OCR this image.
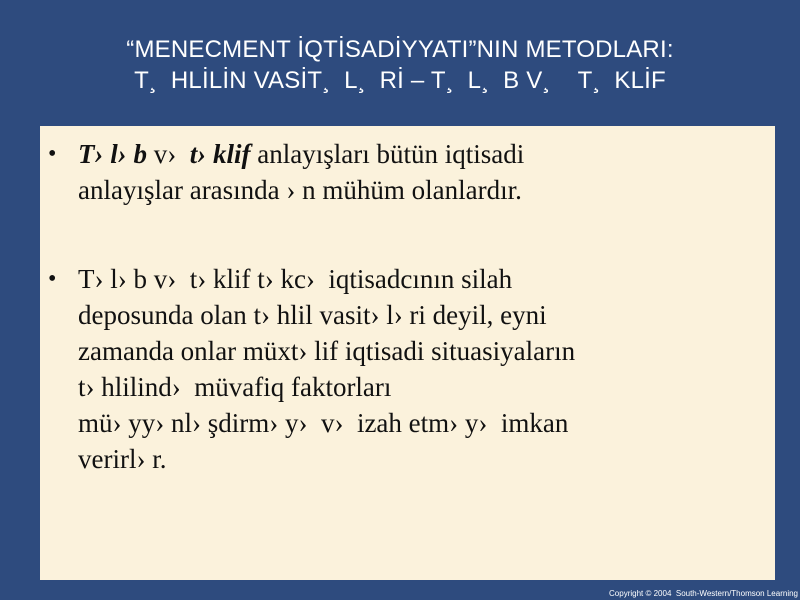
“MENECMENT İQTİSADİYYATI”NIN METODLARI:
T¸  HLİLİN VASİT¸  L¸  Rİ – T¸  L¸  B V¸    T¸  KLİF
• T› l› b v›  t› klif anlayışları bütün iqtisadi
anlayışlar arasında › n mühüm olanlardır.
• T› l› b v›  t› klif t› kc›  iqtisadcının silah
deposunda olan t› hlil vasit› l› ri deyil, eyni
zamanda onlar müxt› lif iqtisadi situasiyaların
t› hlilind›  müvafiq faktorları
mü› yy› nl› şdirm› y›  v›  izah etm› y›  imkan
verirl› r.
Copyright © 2004  South-Western/Thomson Learning
